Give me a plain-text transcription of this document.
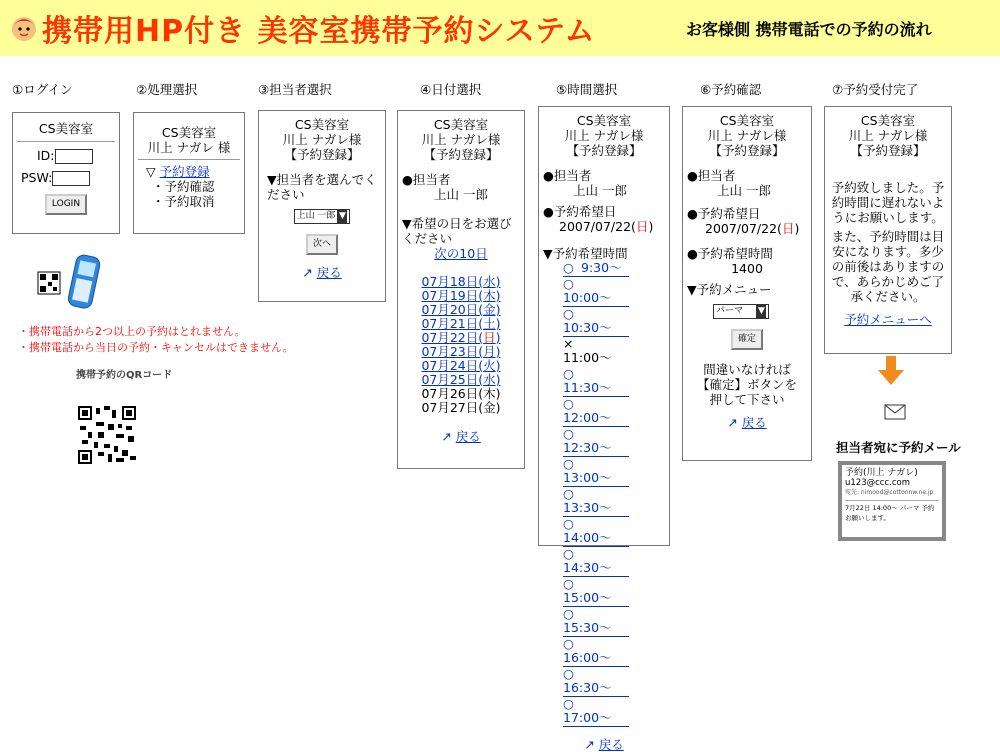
携帯用HP付き 美容室携帯予約システム	お客様側 携帯電話での予約の流れ
①ログイン	②処理選択	③担当者選択	④日付選択	⑤時間選択	⑥予約確認	⑦予約受付完了
CS美容室
ID:
PSW:
LOGIN
CS美容室
川上 ナガレ 様
▽ 予約登録
・予約確認
・予約取消
CS美容室
川上 ナガレ様
【予約登録】
▼担当者を選んでください
上山 一郎 ▼
次へ
↗ 戻る
CS美容室
川上 ナガレ様
【予約登録】
●担当者
上山 一郎
▼希望の日をお選びください
次の10日
07月18日(水)
07月19日(木)
07月20日(金)
07月21日(土)
07月22日(日)
07月23日(月)
07月24日(火)
07月25日(水)
07月26日(木)
07月27日(金)
↗ 戻る
CS美容室
川上 ナガレ様
【予約登録】
●担当者
上山 一郎
●予約希望日
2007/07/22(日)
▼予約希望時間
○ 9:30〜
○10:00〜
○10:30〜
×11:00〜
○11:30〜
○12:00〜
○12:30〜
○13:00〜
○13:30〜
○14:00〜
○14:30〜
○15:00〜
○15:30〜
○16:00〜
○16:30〜
○17:00〜
↗ 戻る
CS美容室
川上 ナガレ様
【予約登録】
●担当者
上山 一郎
●予約希望日
2007/07/22(日)
●予約希望時間
1400
▼予約メニュー
パーマ ▼
確定
間違いなければ【確定】ボタンを押して下さい
↗ 戻る
CS美容室
川上 ナガレ様
【予約登録】
予約致しました。予約時間に遅れないようにお願いします。
また、予約時間は目安になります。多少の前後はありますので、あらかじめご了承ください。
予約メニューへ
・携帯電話から2つ以上の予約はとれません。
・携帯電話から当日の予約・キャンセルはできません。
携帯予約のQRコード
担当者宛に予約メール
予約(川上 ナガレ)
u123@ccc.com
宛先: nimood@cottonnw.ne.jp
7月22日 14:00〜 パーマ 予約お願いします。
